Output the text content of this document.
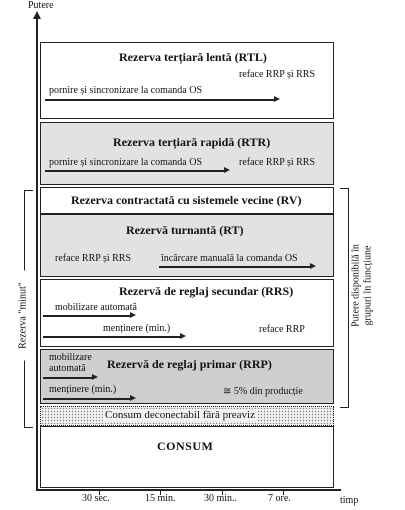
Putere
timp
30 sec.	15 min.	30 min..	7 ore.
Rezerva terțiară lentă (RTL)
reface RRP și RRS
pornire și sincronizare la comanda OS
Rezerva terțiară rapidă (RTR)
pornire și sincronizare la comanda OS	reface RRP și RRS
Rezerva contractată cu sistemele vecine (RV)
Rezervă turnantă (RT)
reface RRP și RRS	încărcare manuală la comanda OS
Rezervă de reglaj secundar (RRS)
mobilizare automată
menținere (min.)	reface RRP
mobilizare
automată Rezervă de reglaj primar (RRP)
menținere (min.)	≅ 5% din producție
Consum deconectabil fără preaviz
CONSUM
Rezerva "minut"	Putere disponibilă în grupuri în funcțiune
